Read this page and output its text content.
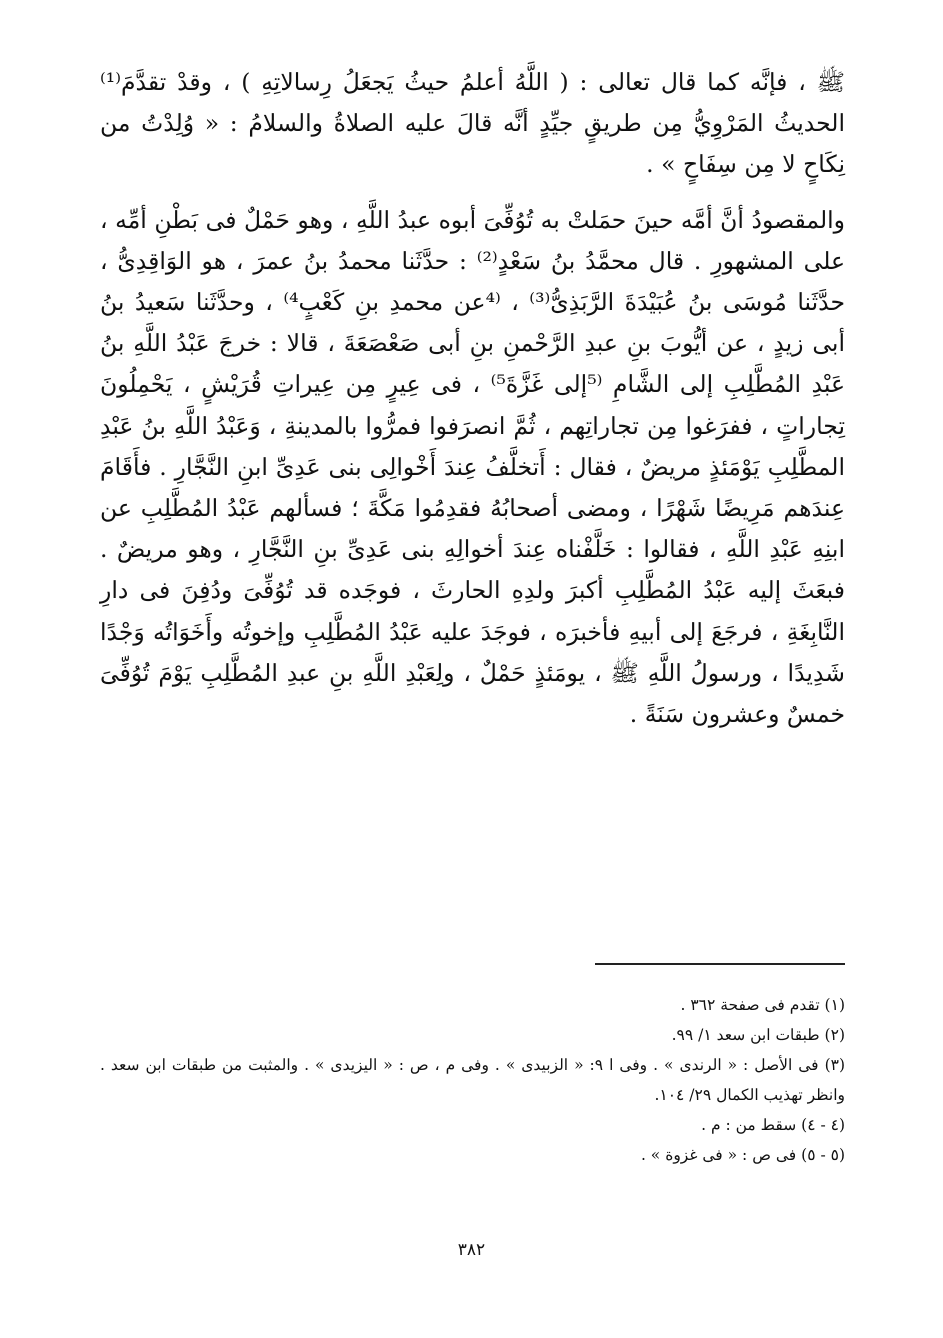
ﷺ ، فإنَّه كما قال تعالى : ( اللَّهُ أعلمُ حيثُ يَجعَلُ رِسالاتِهِ ) ، وقدْ تقدَّمَ⁽¹⁾ الحديثُ المَرْوِيُّ مِن طريقٍ جيِّدٍ أنَّه قالَ عليه الصلاةُ والسلامُ : « وُلِدْتُ من نِكَاحٍ لا مِن سِفَاحٍ » .

والمقصودُ أنَّ أمَّه حينَ حمَلتْ به تُوُفِّىَ أبوه عبدُ اللَّهِ ، وهو حَمْلٌ فى بَطْنِ أمِّه ، على المشهورِ . قال محمَّدُ بنُ سَعْدٍ⁽²⁾ : حدَّثَنا محمدُ بنُ عمرَ ، هو الوَاقِدِىُّ ، حدَّثَنا مُوسَى بنُ عُبَيْدَةَ الرَّبَذِىُّ⁽³⁾ ، ⁽⁴عن محمدِ بنِ كَعْبٍ⁴⁾ ، وحدَّثَنا سَعيدُ بنُ أبى زيدٍ ، عن أيُّوبَ بنِ عبدِ الرَّحْمنِ بنِ أبى صَعْصَعَةَ ، قالا : خرجَ عَبْدُ اللَّهِ بنُ عَبْدِ المُطَّلِبِ إلى الشَّامِ ⁽⁵إلى غَزَّةَ⁵⁾ ، فى عِيرٍ مِن عِيراتِ قُرَيْشٍ ، يَحْمِلُونَ تِجاراتٍ ، ففرَغوا مِن تجاراتِهم ، ثُمَّ انصرَفوا فمرُّوا بالمدينةِ ، وَعَبْدُ اللَّهِ بنُ عَبْدِ المطَّلِبِ يَوْمَئذٍ مريضٌ ، فقال : أَتخلَّفُ عِندَ أَخْوالِى بنى عَدِىِّ ابنِ النَّجَّارِ . فأَقَامَ عِندَهم مَرِيضًا شَهْرًا ، ومضى أصحابُهُ فقدِمُوا مَكَّةَ ؛ فسألهم عَبْدُ المُطَّلِبِ عن ابنِهِ عَبْدِ اللَّهِ ، فقالوا : خَلَّفْناه عِندَ أخوالِهِ بنى عَدِىِّ بنِ النَّجَّارِ ، وهو مريضٌ . فبعَثَ إليه عَبْدُ المُطَّلِبِ أكبرَ ولدِهِ الحارثَ ، فوجَده قد تُوُفِّىَ ودُفِنَ فى دارِ النَّابِغَةِ ، فرجَعَ إلى أبيهِ فأخبرَه ، فوجَدَ عليه عَبْدُ المُطَّلِبِ وإخوتُه وأَخَوَاتُه وَجْدًا شَدِيدًا ، ورسولُ اللَّهِ ﷺ ، يومَئذٍ حَمْلٌ ، ولِعَبْدِ اللَّهِ بنِ عبدِ المُطَّلِبِ يَوْمَ تُوُفِّىَ خمسٌ وعشرون سَنَةً .

(١) تقدم فى صفحة ٣٦٢ .

(٢) طبقات ابن سعد ١/ ٩٩.

(٣) فى الأصل : « الرندى » . وفى ا ٩: « الزبيدى » . وفى م ، ص : « اليزيدى » . والمثبت من طبقات ابن سعد . وانظر تهذيب الكمال ٢٩/ ١٠٤.

(٤ - ٤) سقط من : م .

(٥ - ٥) فى ص : « فى غزوة » .

٣٨٢
